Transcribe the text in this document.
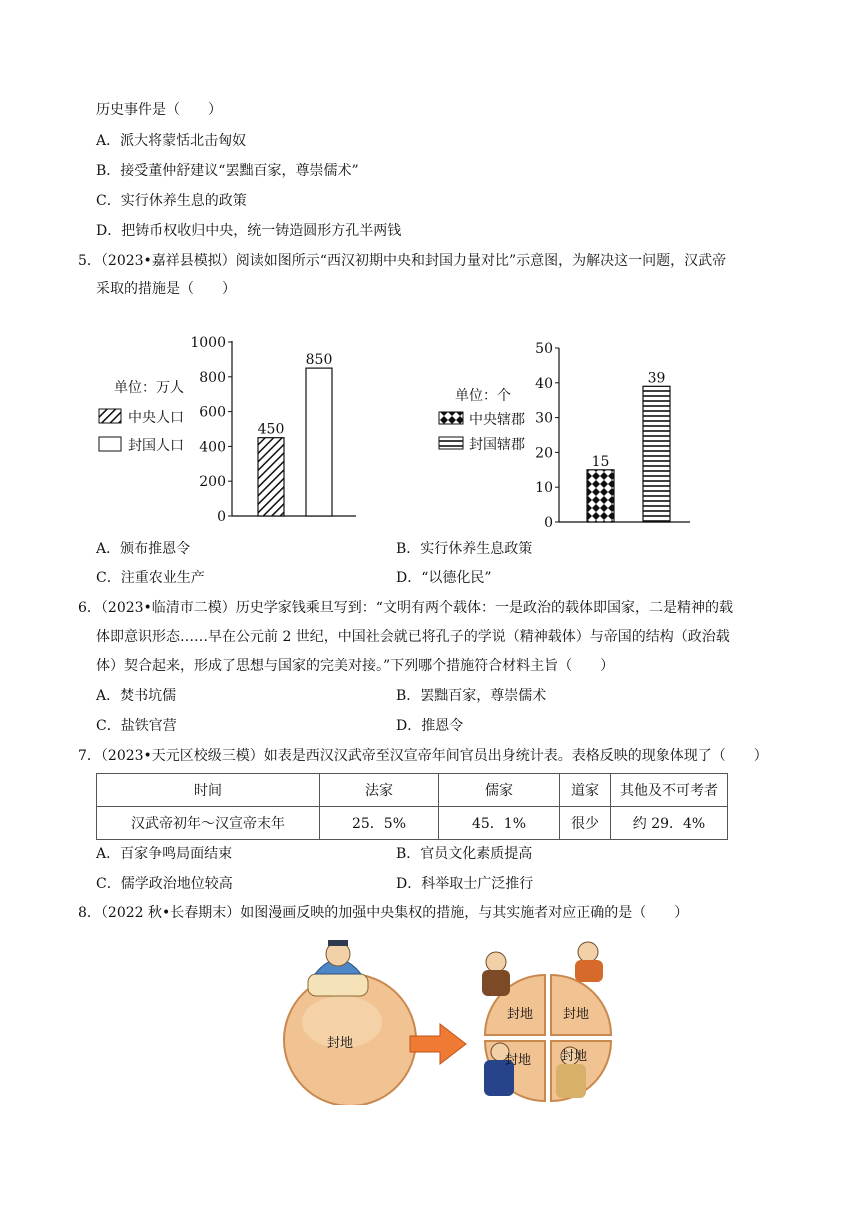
历史事件是（　　）
A．派大将蒙恬北击匈奴
B．接受董仲舒建议“罢黜百家，尊崇儒术”
C．实行休养生息的政策
D．把铸币权收归中央，统一铸造圆形方孔半两钱
5．（2023•嘉祥县模拟）阅读如图所示“西汉初期中央和封国力量对比”示意图，为解决这一问题，汉武帝
采取的措施是（　　）
0
200
400
600
800
1000
450
850
单位：万人
中央人口
封国人口
0
10
20
30
40
50
15
39
单位：个
中央辖郡
封国辖郡
A．颁布推恩令	B．实行休养生息政策
C．注重农业生产	D．“以德化民”
6．（2023•临清市二模）历史学家钱乘旦写到：“文明有两个载体：一是政治的载体即国家，二是精神的载
体即意识形态……早在公元前 2 世纪，中国社会就已将孔子的学说（精神载体）与帝国的结构（政治载
体）契合起来，形成了思想与国家的完美对接。”下列哪个措施符合材料主旨（　　）
A．焚书坑儒	B．罢黜百家，尊崇儒术
C．盐铁官营	D．推恩令
7．（2023•天元区校级三模）如表是西汉汉武帝至汉宣帝年间官员出身统计表。表格反映的现象体现了（　　）
时间	法家	儒家	道家	其他及不可考者
汉武帝初年～汉宣帝末年	25．5%	45．1%	很少	约 29．4%
A．百家争鸣局面结束	B．官员文化素质提高
C．儒学政治地位较高	D．科举取士广泛推行
8．（2022 秋•长春期末）如图漫画反映的加强中央集权的措施，与其实施者对应正确的是（　　）
封地
封地 封地
封地 封地
